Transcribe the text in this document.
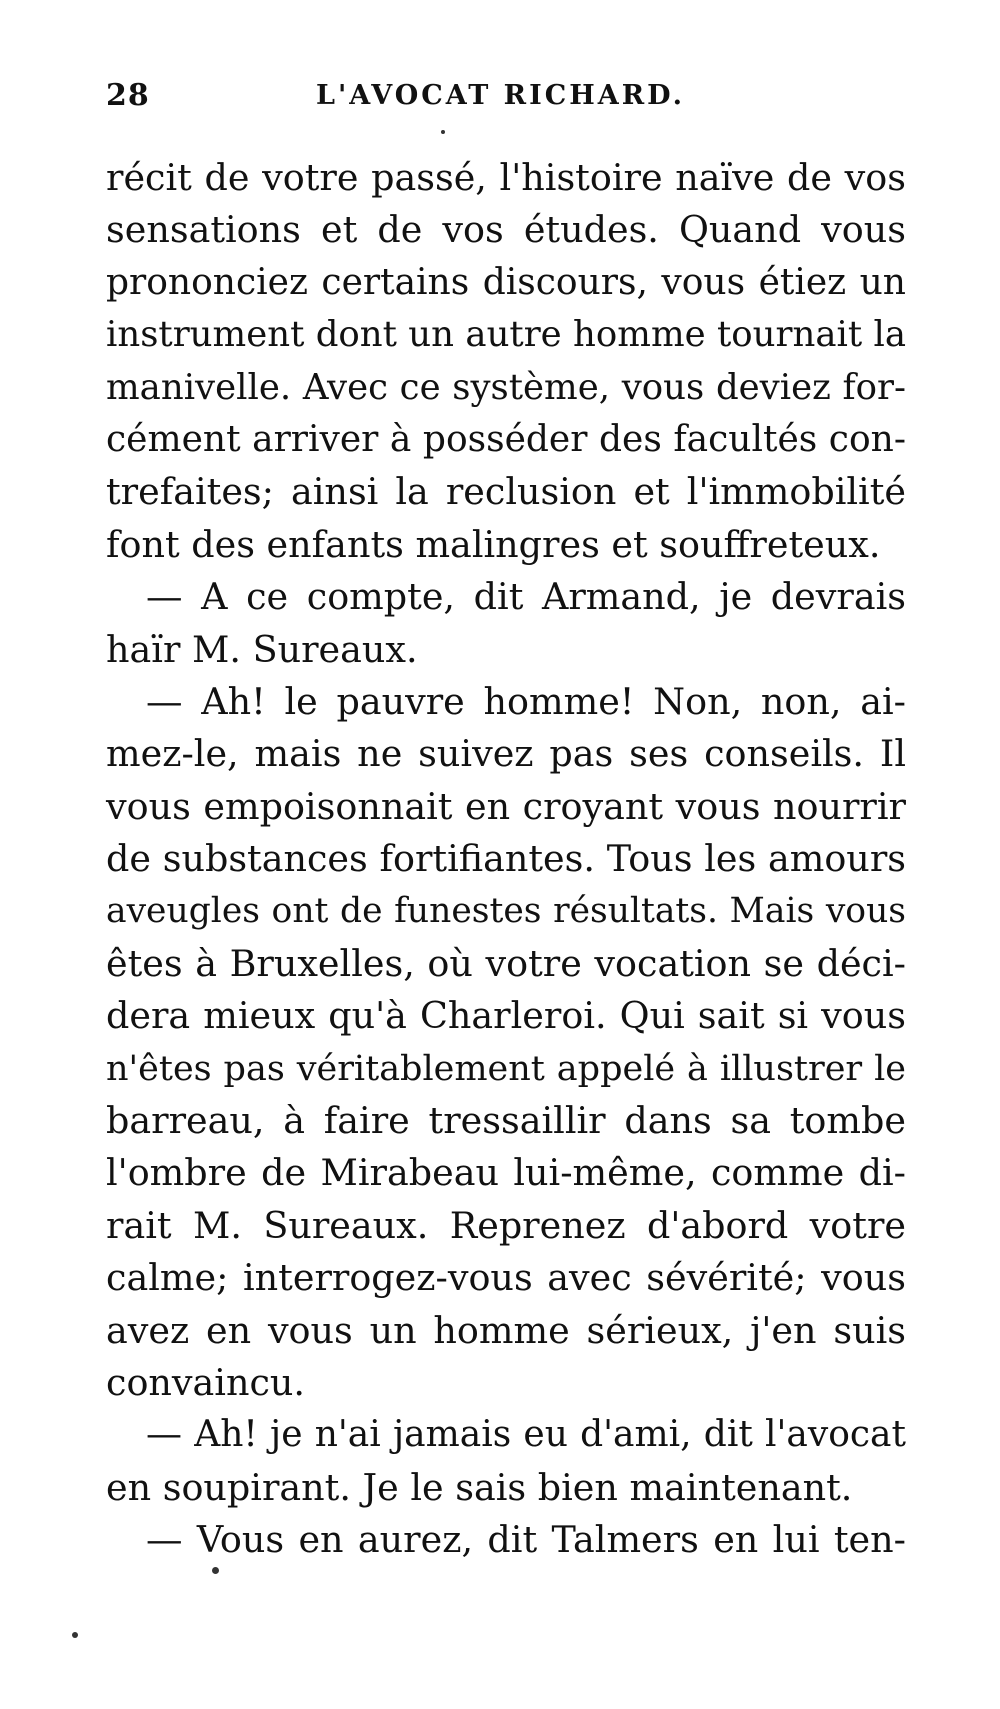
28	L'AVOCAT RICHARD.
récit de votre passé, l'histoire naïve de vos
sensations et de vos études. Quand vous
prononciez certains discours, vous étiez un
instrument dont un autre homme tournait la
manivelle. Avec ce système, vous deviez for-
cément arriver à posséder des facultés con-
trefaites; ainsi la reclusion et l'immobilité
font des enfants malingres et souffreteux.
— A ce compte, dit Armand, je devrais
haïr M. Sureaux.
— Ah! le pauvre homme! Non, non, ai-
mez-le, mais ne suivez pas ses conseils. Il
vous empoisonnait en croyant vous nourrir
de substances fortifiantes. Tous les amours
aveugles ont de funestes résultats. Mais vous
êtes à Bruxelles, où votre vocation se déci-
dera mieux qu'à Charleroi. Qui sait si vous
n'êtes pas véritablement appelé à illustrer le
barreau, à faire tressaillir dans sa tombe
l'ombre de Mirabeau lui-même, comme di-
rait M. Sureaux. Reprenez d'abord votre
calme; interrogez-vous avec sévérité; vous
avez en vous un homme sérieux, j'en suis
convaincu.
— Ah! je n'ai jamais eu d'ami, dit l'avocat
en soupirant. Je le sais bien maintenant.
— Vous en aurez, dit Talmers en lui ten-
